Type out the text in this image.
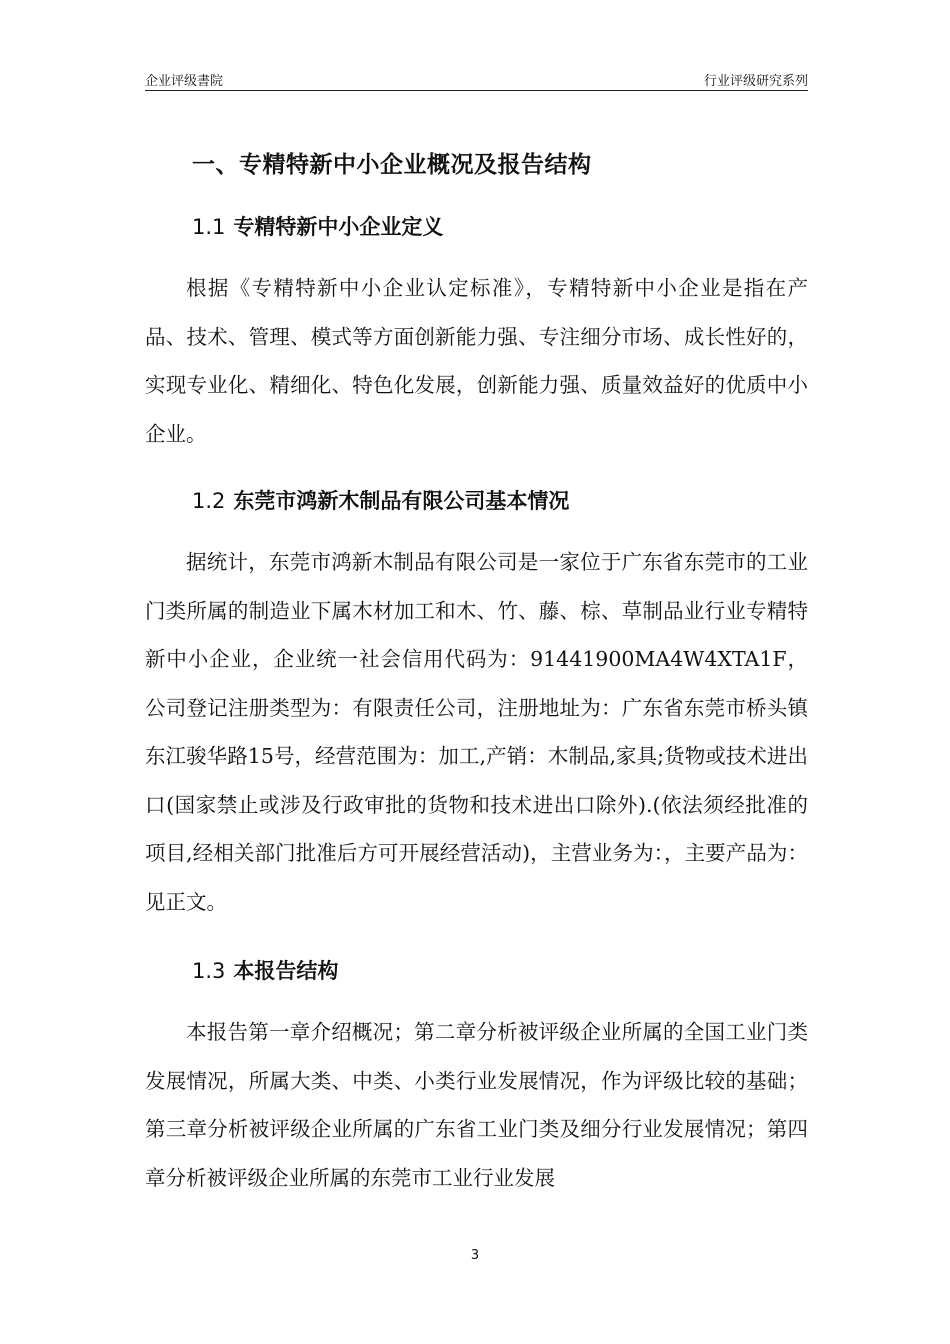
企业评级書院	行业评级研究系列
一、专精特新中小企业概况及报告结构
1.1 专精特新中小企业定义

根据《专精特新中小企业认定标准》，专精特新中小企业是指在产品、技术、管理、模式等方面创新能力强、专注细分市场、成长性好的，实现专业化、精细化、特色化发展，创新能力强、质量效益好的优质中小企业。

1.2 东莞市鸿新木制品有限公司基本情况

据统计，东莞市鸿新木制品有限公司是一家位于广东省东莞市的工业门类所属的制造业下属木材加工和木、竹、藤、棕、草制品业行业专精特新中小企业，企业统一社会信用代码为：91441900MA4W4XTA1F，公司登记注册类型为：有限责任公司，注册地址为：广东省东莞市桥头镇东江骏华路15号，经营范围为：加工,产销：木制品,家具;货物或技术进出口(国家禁止或涉及行政审批的货物和技术进出口除外).(依法须经批准的项目,经相关部门批准后方可开展经营活动)，主营业务为：，主要产品为：见正文。

1.3 本报告结构

本报告第一章介绍概况；第二章分析被评级企业所属的全国工业门类发展情况，所属大类、中类、小类行业发展情况，作为评级比较的基础；第三章分析被评级企业所属的广东省工业门类及细分行业发展情况；第四章分析被评级企业所属的东莞市工业行业发展

3
